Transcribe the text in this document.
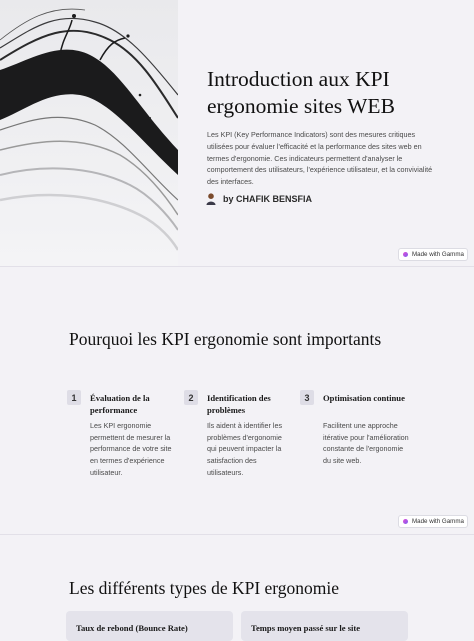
Introduction aux KPI ergonomie sites WEB
Les KPI (Key Performance Indicators) sont des mesures critiques utilisées pour évaluer l'efficacité et la performance des sites web en termes d'ergonomie. Ces indicateurs permettent d'analyser le comportement des utilisateurs, l'expérience utilisateur, et la convivialité des interfaces.
by CHAFIK BENSFIA
Made with Gamma
Pourquoi les KPI ergonomie sont importants
1	Évaluation de la performance
Les KPI ergonomie permettent de mesurer la performance de votre site en termes d'expérience utilisateur.
2	Identification des problèmes
Ils aident à identifier les problèmes d'ergonomie qui peuvent impacter la satisfaction des utilisateurs.
3	Optimisation continue
Facilitent une approche itérative pour l'amélioration constante de l'ergonomie du site web.
Made with Gamma
Les différents types de KPI ergonomie
Taux de rebond (Bounce Rate)	Temps moyen passé sur le site
